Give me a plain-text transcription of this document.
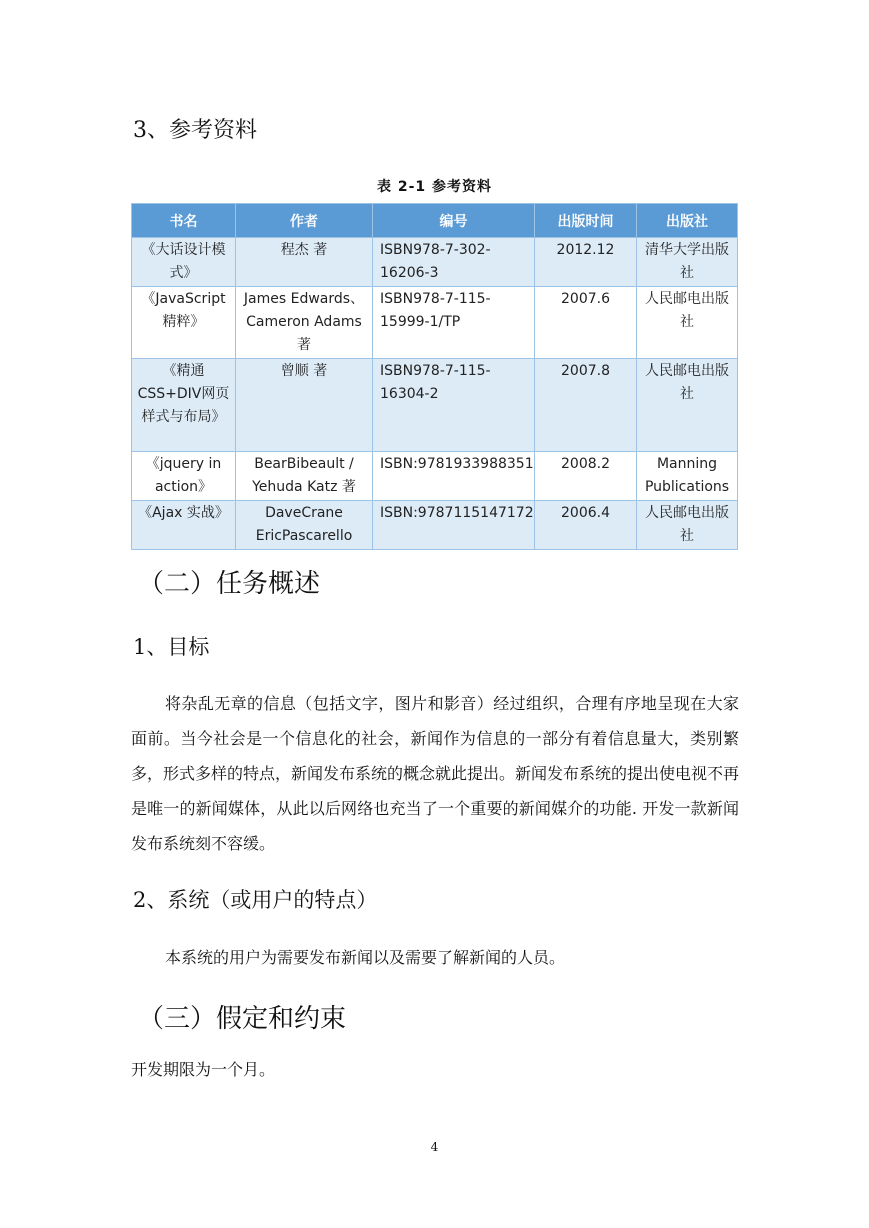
3、参考资料
表 2-1 参考资料
书名	作者	编号	出版时间	出版社
《大话设计模式》	程杰 著	ISBN978-7-302-16206-3	2012.12	清华大学出版社
《JavaScript精粹》	James Edwards、Cameron Adams 著	ISBN978-7-115-15999-1/TP	2007.6	人民邮电出版社
《精通CSS+DIV网页样式与布局》	曾顺 著	ISBN978-7-115-16304-2	2007.8	人民邮电出版社
《jquery in action》	BearBibeault / Yehuda Katz 著	ISBN:9781933988351	2008.2	Manning Publications
《Ajax 实战》	DaveCrane EricPascarello	ISBN:9787115147172	2006.4	人民邮电出版社
（二）任务概述
1、目标
将杂乱无章的信息（包括文字，图片和影音）经过组织，合理有序地呈现在大家面前。当今社会是一个信息化的社会，新闻作为信息的一部分有着信息量大，类别繁多，形式多样的特点，新闻发布系统的概念就此提出。新闻发布系统的提出使电视不再是唯一的新闻媒体，从此以后网络也充当了一个重要的新闻媒介的功能. 开发一款新闻发布系统刻不容缓。
2、系统（或用户的特点）
本系统的用户为需要发布新闻以及需要了解新闻的人员。
（三）假定和约束
开发期限为一个月。
4
